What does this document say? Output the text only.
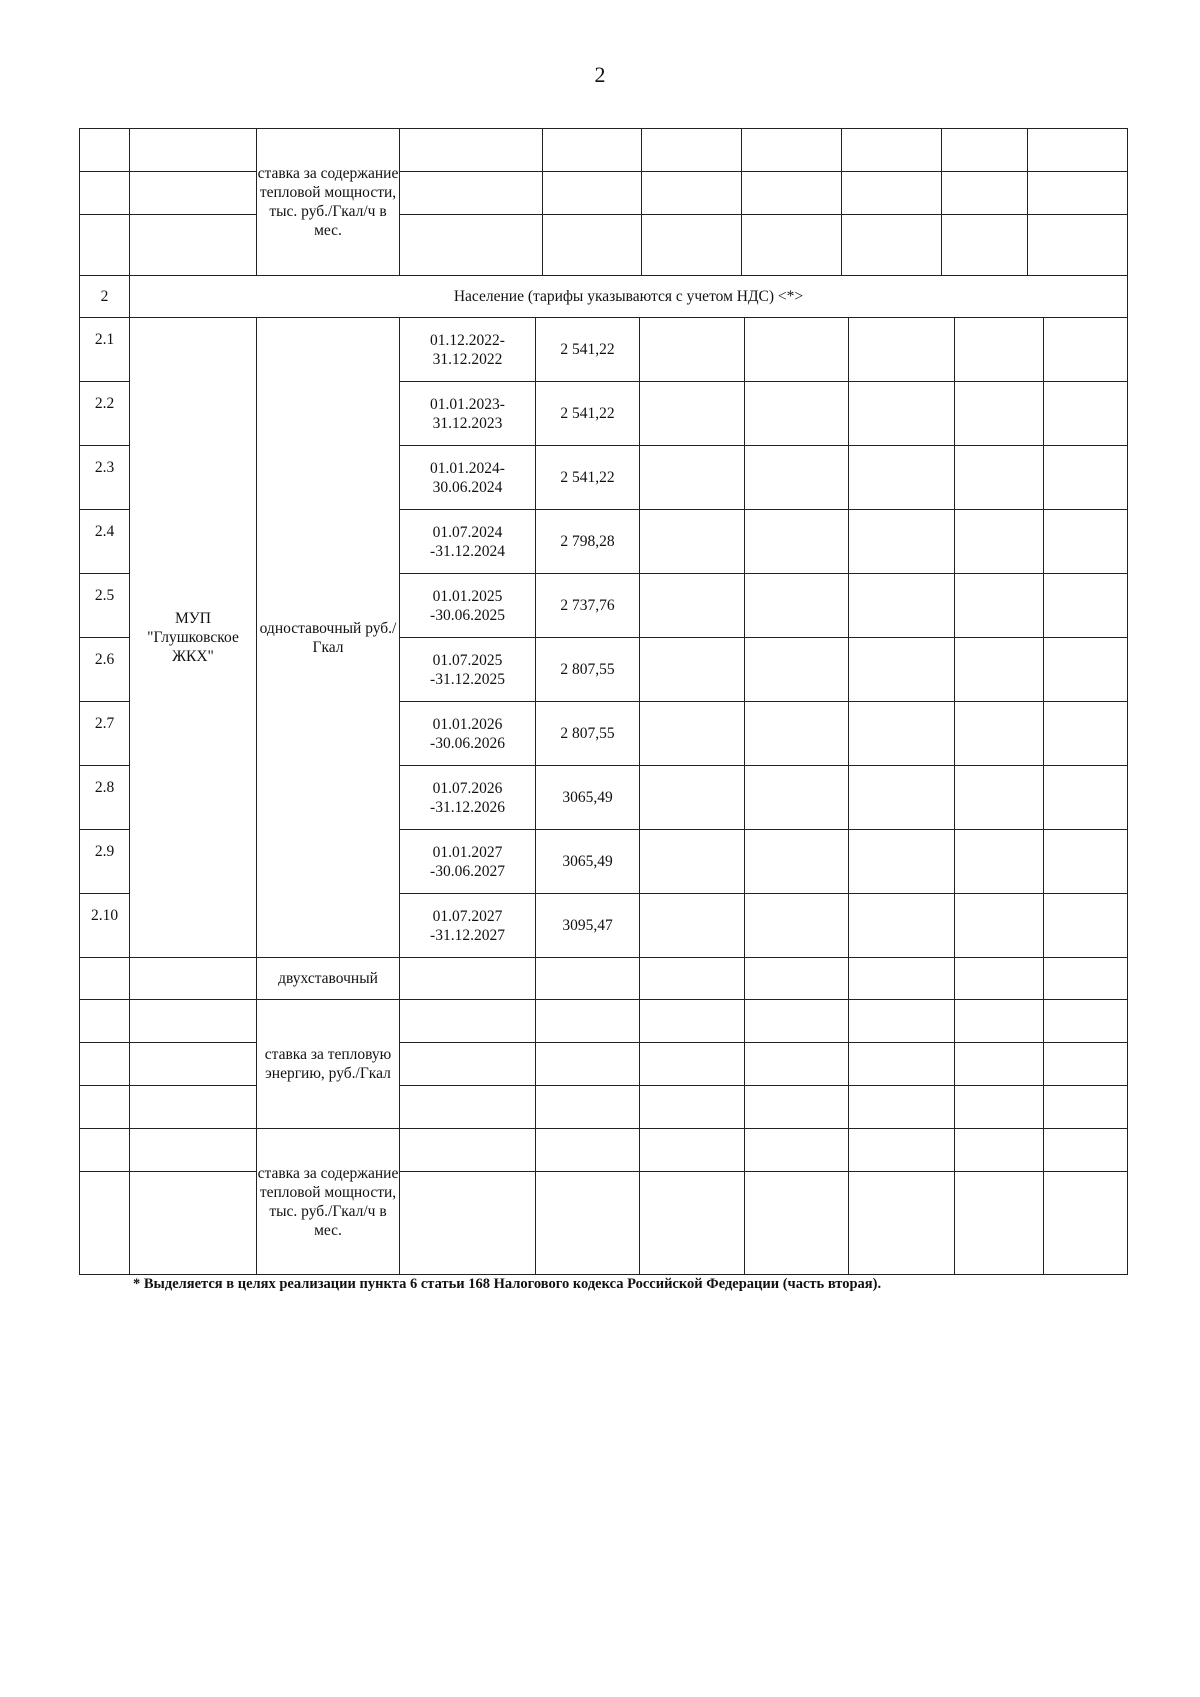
2
		ставка за содержание тепловой мощности, тыс. руб./Гкал/ч в мес.							

2	Население (тарифы указываются с учетом НДС) <*>
2.1	МУП "Глушковское ЖКХ"	одноставочный руб./Гкал	01.12.2022-31.12.2022	2 541,22					
2.2			01.01.2023-31.12.2023	2 541,22					
2.3			01.01.2024-30.06.2024	2 541,22					
2.4			01.07.2024 -31.12.2024	2 798,28					
2.5			01.01.2025 -30.06.2025	2 737,76					
2.6			01.07.2025 -31.12.2025	2 807,55					
2.7			01.01.2026 -30.06.2026	2 807,55					
2.8			01.07.2026 -31.12.2026	3065,49					
2.9			01.01.2027 -30.06.2027	3065,49					
2.10			01.07.2027 -31.12.2027	3095,47					
		двухставочный							
		ставка за тепловую энергию, руб./Гкал							

		ставка за содержание тепловой мощности, тыс. руб./Гкал/ч в мес.							

* Выделяется в целях реализации пункта 6 статьи 168 Налогового кодекса Российской Федерации (часть вторая).
